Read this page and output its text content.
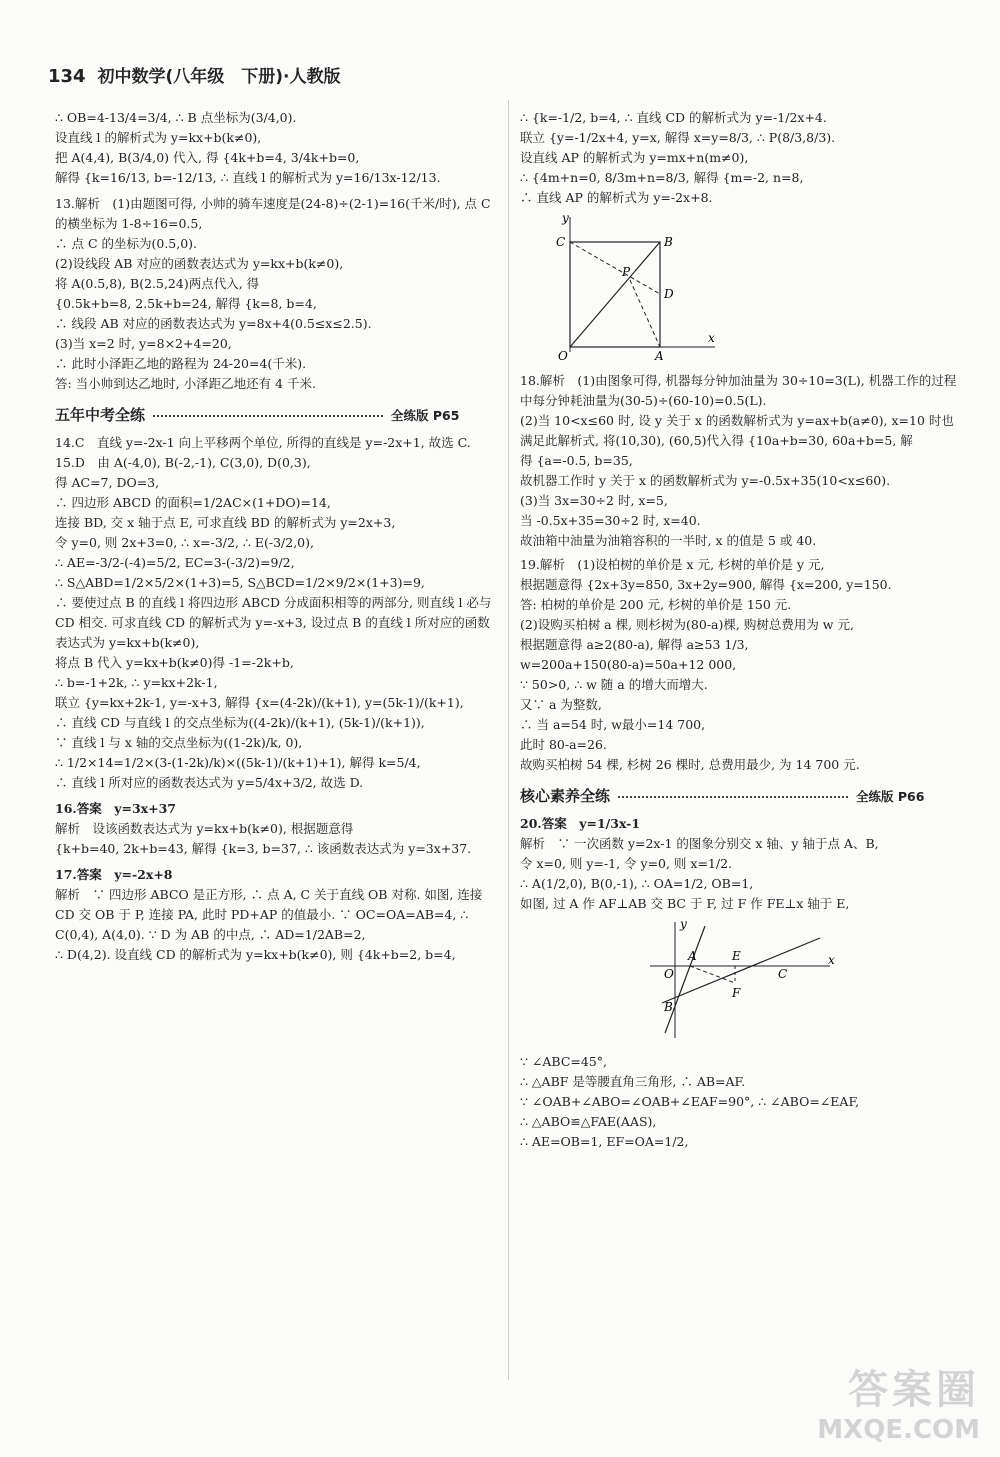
134 初中数学(八年级　下册)·人教版

∴ OB=4-13/4=3/4, ∴ B 点坐标为(3/4,0).

设直线 l 的解析式为 y=kx+b(k≠0),

把 A(4,4), B(3/4,0) 代入, 得 {4k+b=4, 3/4k+b=0,

解得 {k=16/13, b=-12/13, ∴ 直线 l 的解析式为 y=16/13x-12/13.

13.解析　(1)由题图可得, 小帅的骑车速度是(24-8)÷(2-1)=16(千米/时), 点 C 的横坐标为 1-8÷16=0.5,

∴ 点 C 的坐标为(0.5,0).

(2)设线段 AB 对应的函数表达式为 y=kx+b(k≠0),

将 A(0.5,8), B(2.5,24)两点代入, 得

{0.5k+b=8, 2.5k+b=24, 解得 {k=8, b=4,

∴ 线段 AB 对应的函数表达式为 y=8x+4(0.5≤x≤2.5).

(3)当 x=2 时, y=8×2+4=20,

∴ 此时小泽距乙地的路程为 24-20=4(千米).

答: 当小帅到达乙地时, 小泽距乙地还有 4 千米.

五年中考全练	全练版 P65

14.C　直线 y=-2x-1 向上平移两个单位, 所得的直线是 y=-2x+1, 故选 C.

15.D　由 A(-4,0), B(-2,-1), C(3,0), D(0,3),

得 AC=7, DO=3,

∴ 四边形 ABCD 的面积=1/2AC×(1+DO)=14,

连接 BD, 交 x 轴于点 E, 可求直线 BD 的解析式为 y=2x+3,

令 y=0, 则 2x+3=0, ∴ x=-3/2, ∴ E(-3/2,0),

∴ AE=-3/2-(-4)=5/2, EC=3-(-3/2)=9/2,

∴ S△ABD=1/2×5/2×(1+3)=5, S△BCD=1/2×9/2×(1+3)=9,

∴ 要使过点 B 的直线 l 将四边形 ABCD 分成面积相等的两部分, 则直线 l 必与 CD 相交. 可求直线 CD 的解析式为 y=-x+3, 设过点 B 的直线 l 所对应的函数表达式为 y=kx+b(k≠0),

将点 B 代入 y=kx+b(k≠0)得 -1=-2k+b,

∴ b=-1+2k, ∴ y=kx+2k-1,

联立 {y=kx+2k-1, y=-x+3, 解得 {x=(4-2k)/(k+1), y=(5k-1)/(k+1),

∴ 直线 CD 与直线 l 的交点坐标为((4-2k)/(k+1), (5k-1)/(k+1)),

∵ 直线 l 与 x 轴的交点坐标为((1-2k)/k, 0),

∴ 1/2×14=1/2×(3-(1-2k)/k)×((5k-1)/(k+1)+1), 解得 k=5/4,

∴ 直线 l 所对应的函数表达式为 y=5/4x+3/2, 故选 D.

16.答案　y=3x+37

解析　设该函数表达式为 y=kx+b(k≠0), 根据题意得

{k+b=40, 2k+b=43, 解得 {k=3, b=37, ∴ 该函数表达式为 y=3x+37.

17.答案　y=-2x+8

解析　∵ 四边形 ABCO 是正方形, ∴ 点 A, C 关于直线 OB 对称. 如图, 连接 CD 交 OB 于 P, 连接 PA, 此时 PD+AP 的值最小. ∵ OC=OA=AB=4, ∴ C(0,4), A(4,0). ∵ D 为 AB 的中点, ∴ AD=1/2AB=2,

∴ D(4,2). 设直线 CD 的解析式为 y=kx+b(k≠0), 则 {4k+b=2, b=4,

∴ {k=-1/2, b=4, ∴ 直线 CD 的解析式为 y=-1/2x+4.

联立 {y=-1/2x+4, y=x, 解得 x=y=8/3, ∴ P(8/3,8/3).

设直线 AP 的解析式为 y=mx+n(m≠0),

∴ {4m+n=0, 8/3m+n=8/3, 解得 {m=-2, n=8,

∴ 直线 AP 的解析式为 y=-2x+8.

y
x
C	B
P
D
O	A

18.解析　(1)由图象可得, 机器每分钟加油量为 30÷10=3(L), 机器工作的过程中每分钟耗油量为(30-5)÷(60-10)=0.5(L).

(2)当 10<x≤60 时, 设 y 关于 x 的函数解析式为 y=ax+b(a≠0), x=10 时也满足此解析式, 将(10,30), (60,5)代入得 {10a+b=30, 60a+b=5, 解

得 {a=-0.5, b=35,

故机器工作时 y 关于 x 的函数解析式为 y=-0.5x+35(10<x≤60).

(3)当 3x=30÷2 时, x=5,

当 -0.5x+35=30÷2 时, x=40.

故油箱中油量为油箱容积的一半时, x 的值是 5 或 40.

19.解析　(1)设柏树的单价是 x 元, 杉树的单价是 y 元,

根据题意得 {2x+3y=850, 3x+2y=900, 解得 {x=200, y=150.

答: 柏树的单价是 200 元, 杉树的单价是 150 元.

(2)设购买柏树 a 棵, 则杉树为(80-a)棵, 购树总费用为 w 元,

根据题意得 a≥2(80-a), 解得 a≥53 1/3,

w=200a+150(80-a)=50a+12 000,

∵ 50>0, ∴ w 随 a 的增大而增大.

又∵ a 为整数,

∴ 当 a=54 时, w最小=14 700,

此时 80-a=26.

故购买柏树 54 棵, 杉树 26 棵时, 总费用最少, 为 14 700 元.

核心素养全练	全练版 P66

20.答案　y=1/3x-1

解析　∵ 一次函数 y=2x-1 的图象分别交 x 轴、y 轴于点 A、B,

令 x=0, 则 y=-1, 令 y=0, 则 x=1/2.

∴ A(1/2,0), B(0,-1), ∴ OA=1/2, OB=1,

如图, 过 A 作 AF⊥AB 交 BC 于 F, 过 F 作 FE⊥x 轴于 E,

y
x
O
A	E
C
F
B

∵ ∠ABC=45°,

∴ △ABF 是等腰直角三角形, ∴ AB=AF.

∵ ∠OAB+∠ABO=∠OAB+∠EAF=90°, ∴ ∠ABO=∠EAF,

∴ △ABO≌△FAE(AAS),

∴ AE=OB=1, EF=OA=1/2,

答案圈
MXQE.COM
